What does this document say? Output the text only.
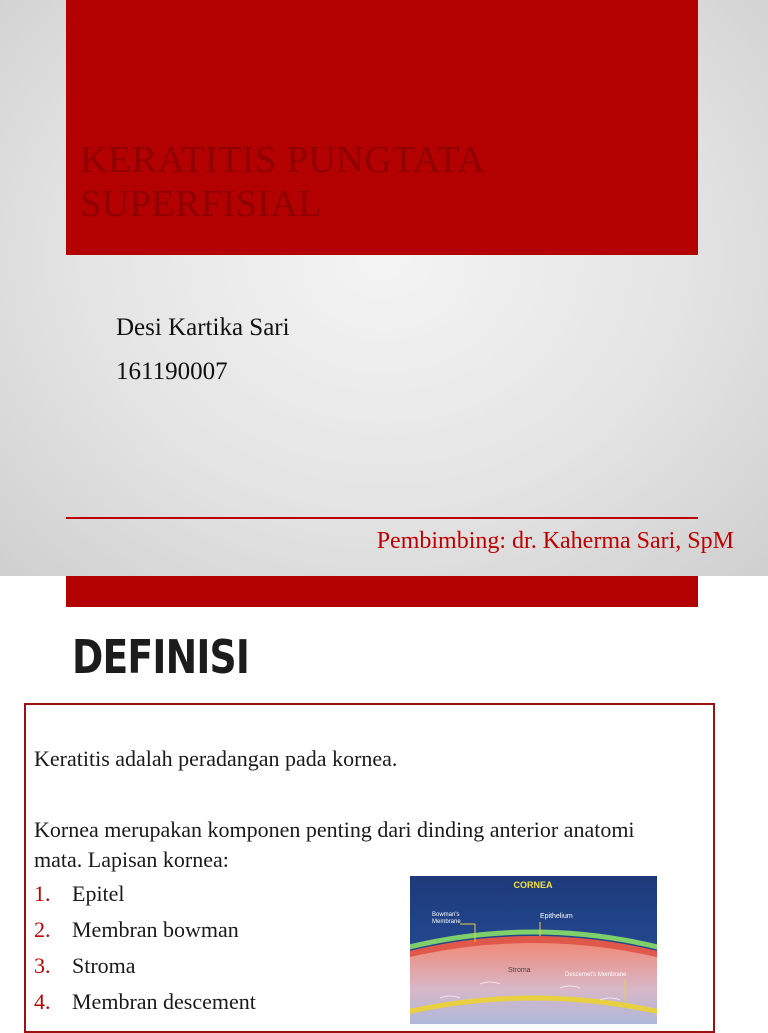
KERATITIS PUNGTATA
SUPERFISIAL
Desi Kartika Sari
161190007
Pembimbing: dr. Kaherma Sari, SpM
DEFINISI
Keratitis adalah peradangan pada kornea.
Kornea merupakan komponen penting dari dinding anterior anatomi mata. Lapisan kornea:
1. Epitel
2. Membran bowman
3. Stroma
4. Membran descement
CORNEA
Bowman's
Membrane
Epithelium
Stroma
Descemet's Membrane
